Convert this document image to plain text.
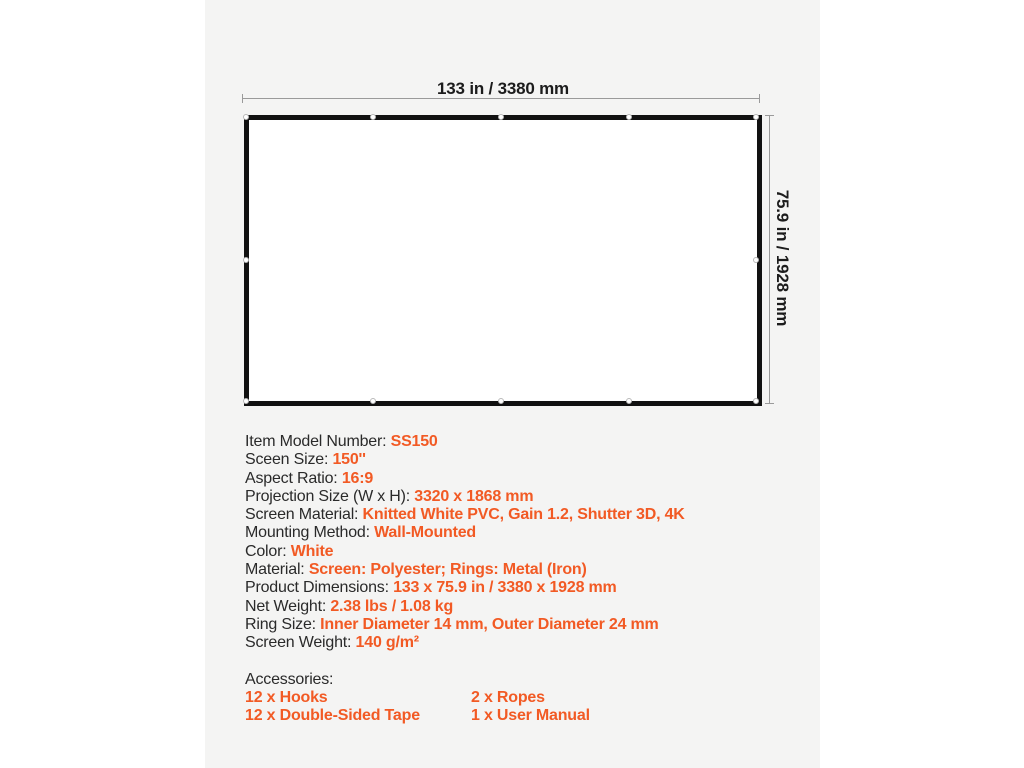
133 in / 3380 mm
75.9 in / 1928 mm
Item Model Number: SS150
Sceen Size: 150''
Aspect Ratio: 16:9
Projection Size (W x H): 3320 x 1868 mm
Screen Material: Knitted White PVC, Gain 1.2, Shutter 3D, 4K
Mounting Method: Wall-Mounted
Color: White
Material: Screen: Polyester; Rings: Metal (Iron)
Product Dimensions: 133 x 75.9 in / 3380 x 1928 mm
Net Weight: 2.38 lbs / 1.08 kg
Ring Size: Inner Diameter 14 mm, Outer Diameter 24 mm
Screen Weight: 140 g/m²
Accessories:
12 x Hooks	2 x Ropes
12 x Double-Sided Tape	1 x User Manual
